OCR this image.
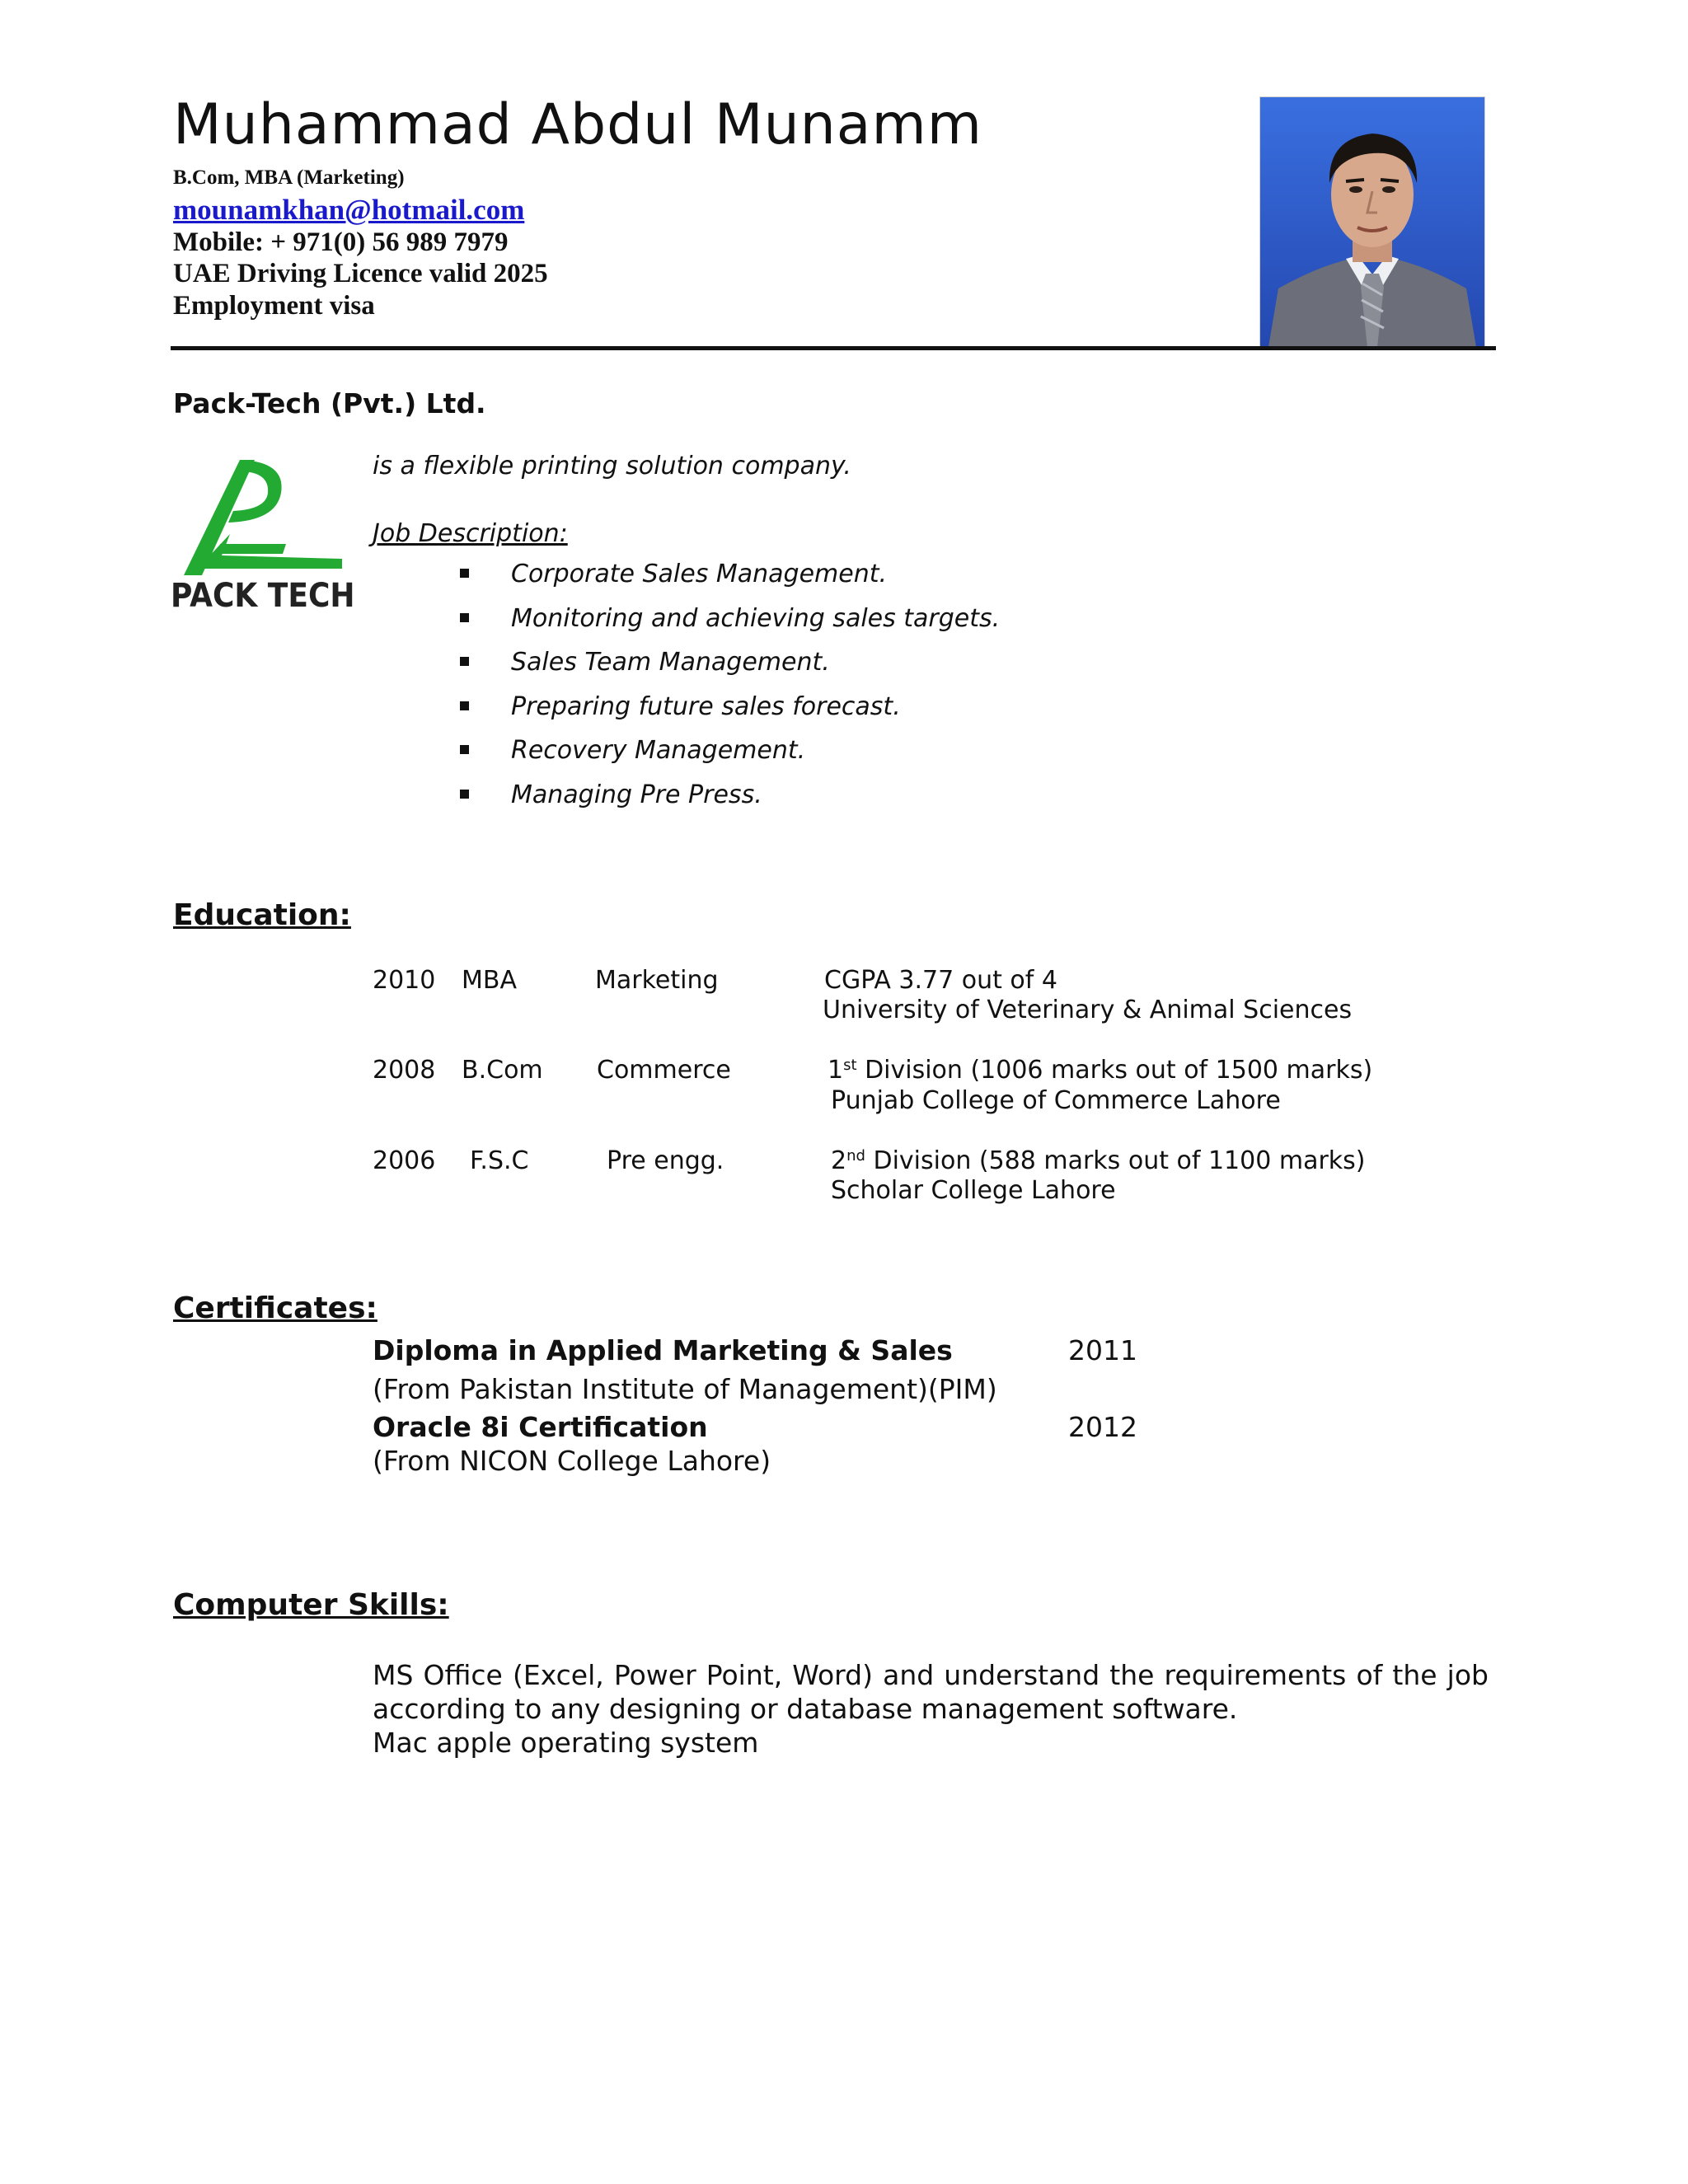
Muhammad Abdul Munamm
B.Com, MBA (Marketing)
mounamkhan@hotmail.com
Mobile: + 971(0) 56 989 7979
UAE Driving Licence valid 2025
Employment visa
Pack-Tech (Pvt.) Ltd.
PACK TECH
is a flexible printing solution company.
Job Description:
Corporate Sales Management.
Monitoring and achieving sales targets.
Sales Team Management.
Preparing future sales forecast.
Recovery Management.
Managing Pre Press.
Education:
2010 MBA	Marketing	CGPA 3.77 out of 4
University of Veterinary & Animal Sciences
2008 B.Com Commerce	1st Division (1006 marks out of 1500 marks)
Punjab College of Commerce Lahore
2006 F.S.C	Pre engg.	2nd Division (588 marks out of 1100 marks)
Scholar College Lahore
Certificates:
Diploma in Applied Marketing & Sales	2011
(From Pakistan Institute of Management)(PIM)
Oracle 8i Certification	2012
(From NICON College Lahore)
Computer Skills:
MS Office (Excel, Power Point, Word) and understand the requirements of the job according to any designing or database management software.
Mac apple operating system
